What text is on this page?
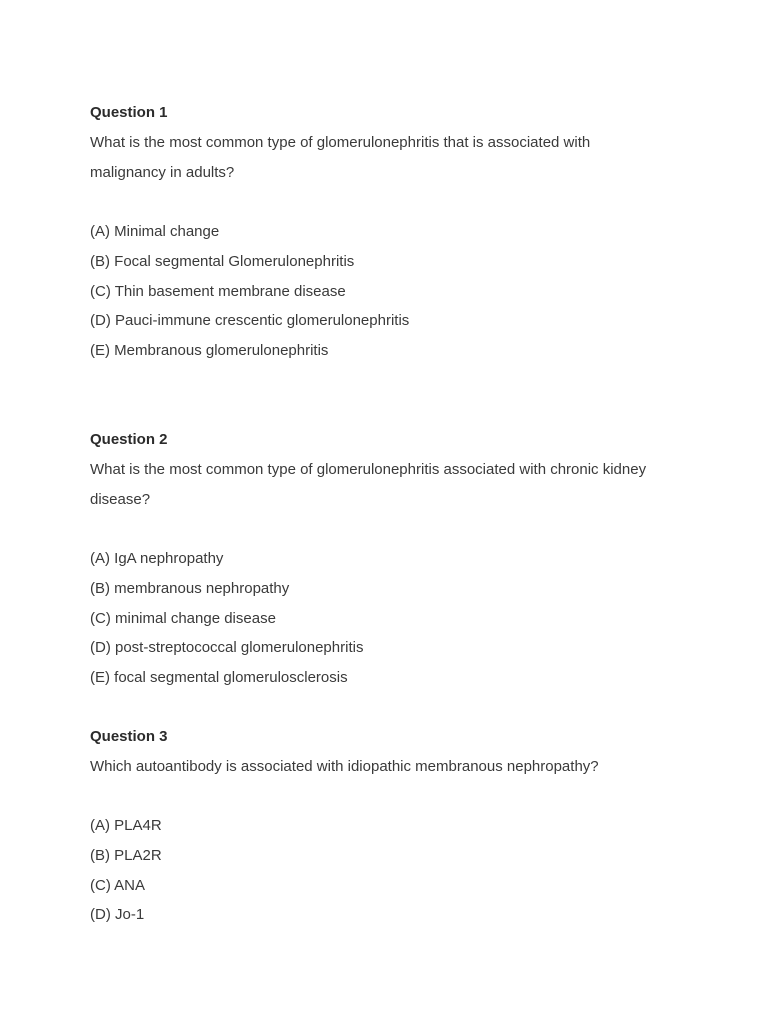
Question 1

What is the most common type of glomerulonephritis that is associated with

malignancy in adults?

(A) Minimal change
(B) Focal segmental Glomerulonephritis
(C) Thin basement membrane disease
(D) Pauci-immune crescentic glomerulonephritis
(E) Membranous glomerulonephritis

Question 2

What is the most common type of glomerulonephritis associated with chronic kidney

disease?

(A) IgA nephropathy
(B) membranous nephropathy
(C) minimal change disease
(D) post-streptococcal glomerulonephritis
(E) focal segmental glomerulosclerosis

Question 3

Which autoantibody is associated with idiopathic membranous nephropathy?

(A) PLA4R
(B) PLA2R
(C) ANA
(D) Jo-1
